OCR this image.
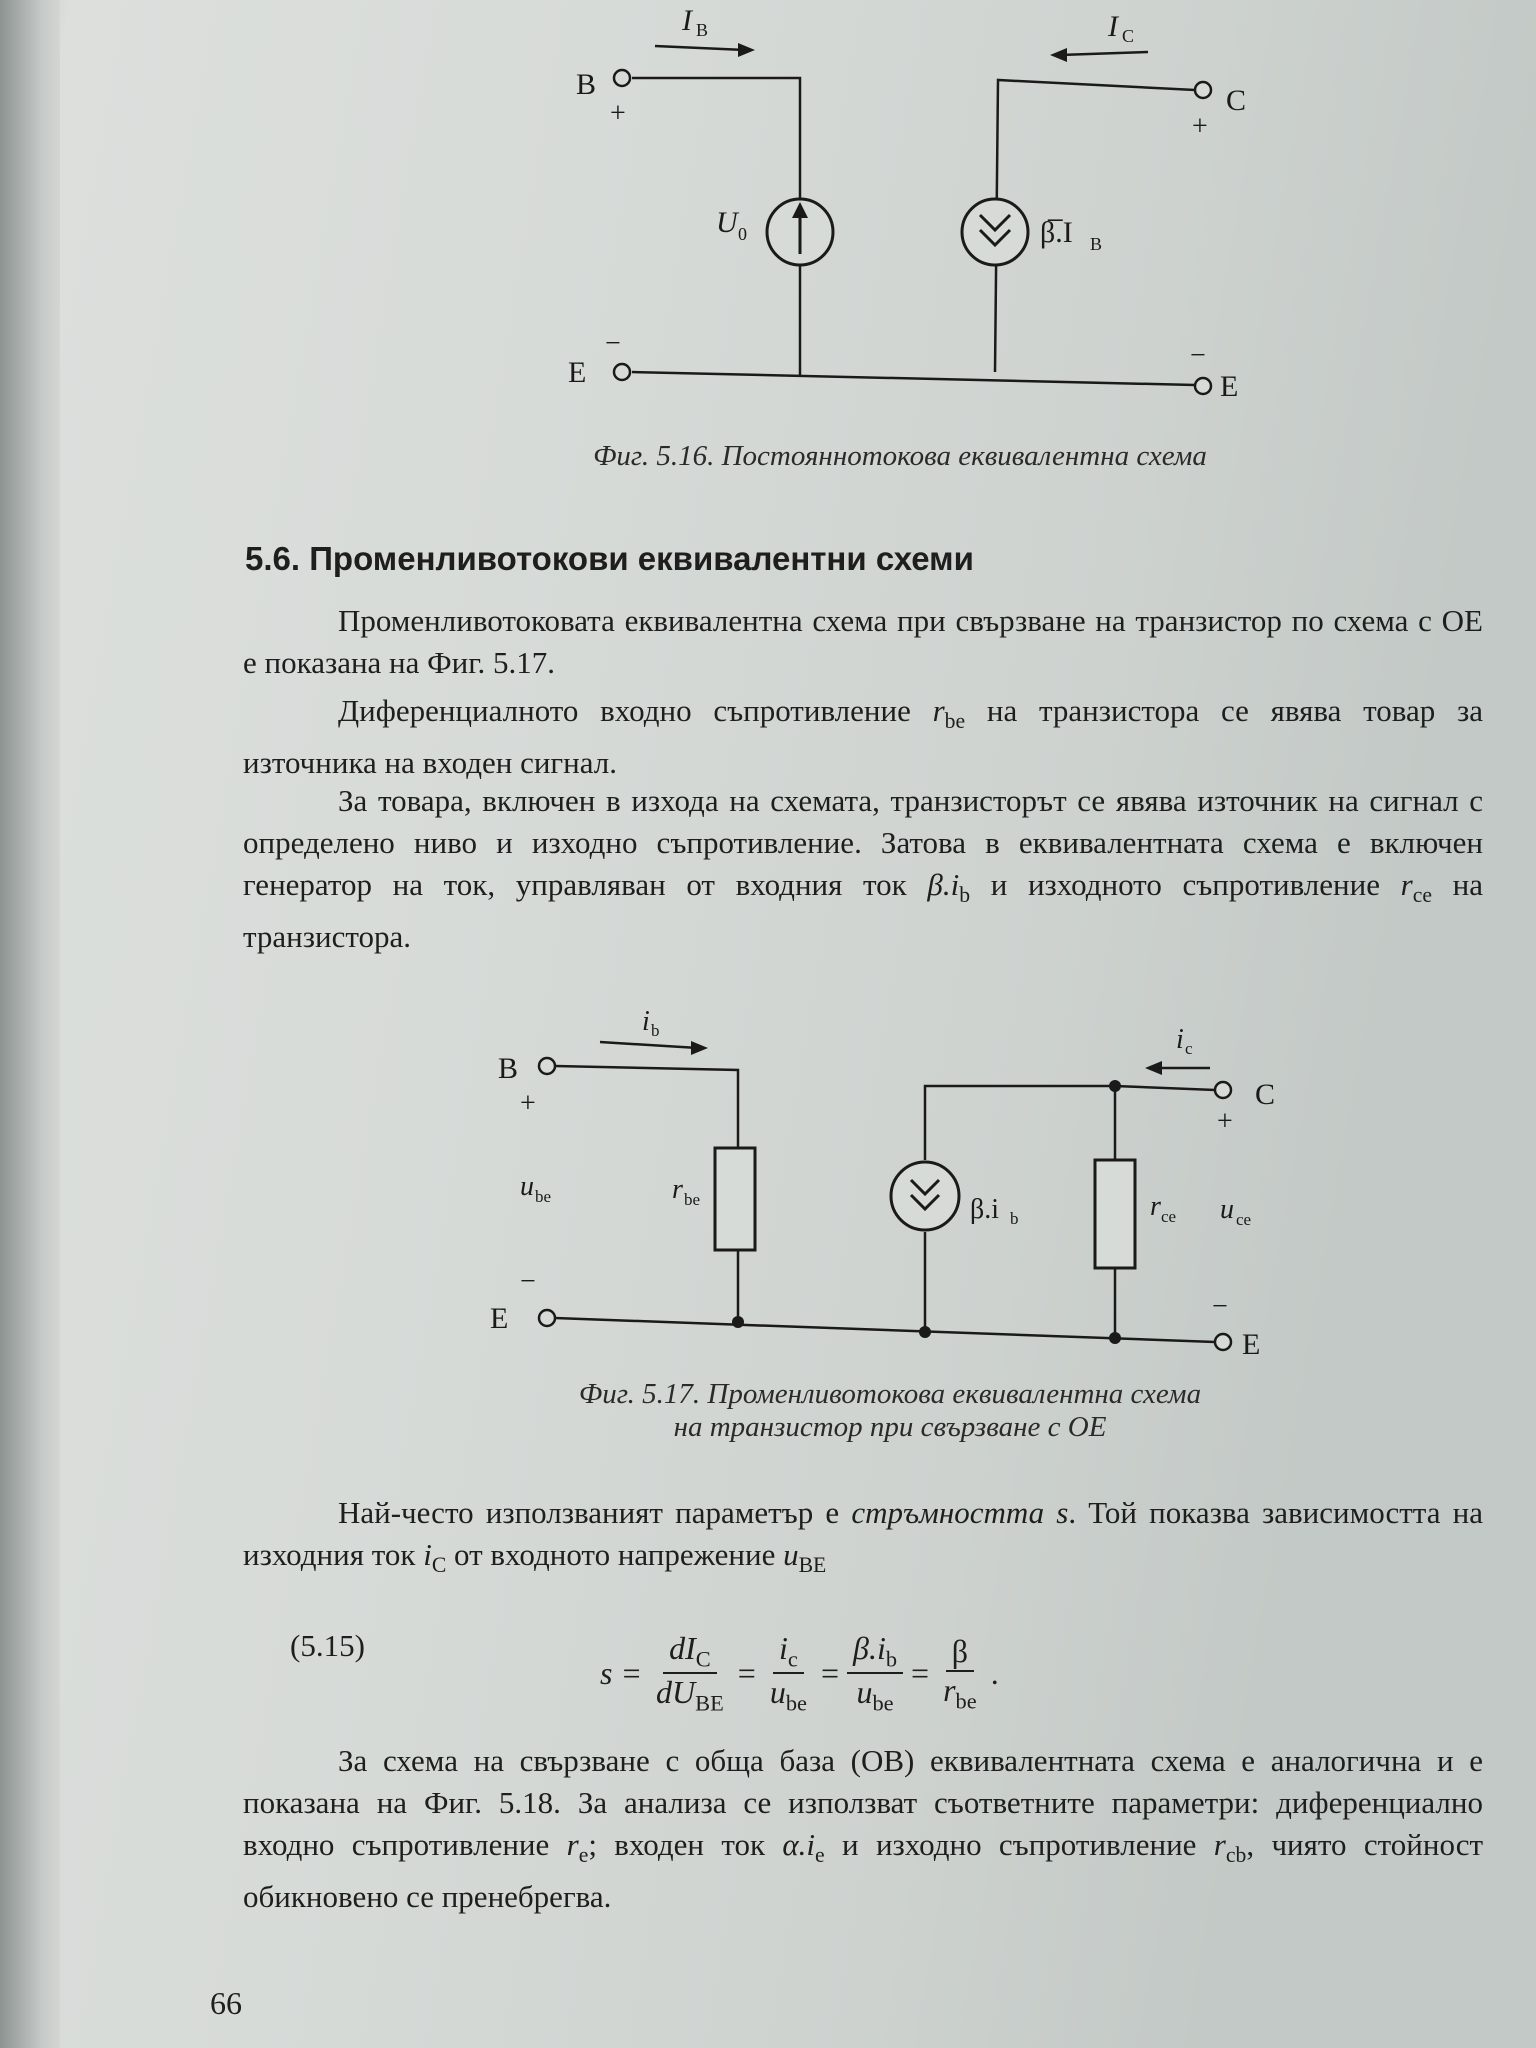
B
+	C
+
E
−
E
−
I B	I C
U 0	β̅.I B
Фиг. 5.16. Постояннотокова еквивалентна схема
5.6. Променливотокови еквивалентни схеми

Променливотоковата еквивалентна схема при свързване на транзистор по схема с ОЕ е показана на Фиг. 5.17.

Диференциалното входно съпротивление $r_{be}$ на транзистора се явява товар за източника на входен сигнал.

За товара, включен в изхода на схемата, транзисторът се явява източник на сигнал с определено ниво и изходно съпротивление. Затова в еквивалентната схема е включен генератор на ток, управляван от входния ток $\beta.i_b$ и изходното съпротивление $r_{ce}$ на транзистора.

B
+	C
+
E
−
E
−
i b	i c
u be	r be	β.i b	r ce u ce
Фиг. 5.17. Променливотокова еквивалентна схема
на транзистор при свързване с ОЕ

Най-често използваният параметър е стръмността s. Той показва зависимостта на изходния ток $i_C$ от входното напрежение $u_{BE}$

(5.15)
$s = \frac{dI_C}{dU_{BE}} = \frac{i_c}{u_{be}} = \frac{\beta.i_b}{u_{be}} = \frac{\beta}{r_{be}}$ .

За схема на свързване с обща база (ОВ) еквивалентната схема е аналогична и е показана на Фиг. 5.18. За анализа се използват съответните параметри: диференциално входно съпротивление $r_e$; входен ток $\alpha.i_e$ и изходно съпротивление $r_{cb}$, чиято стойност обикновено се пренебрегва.

66
